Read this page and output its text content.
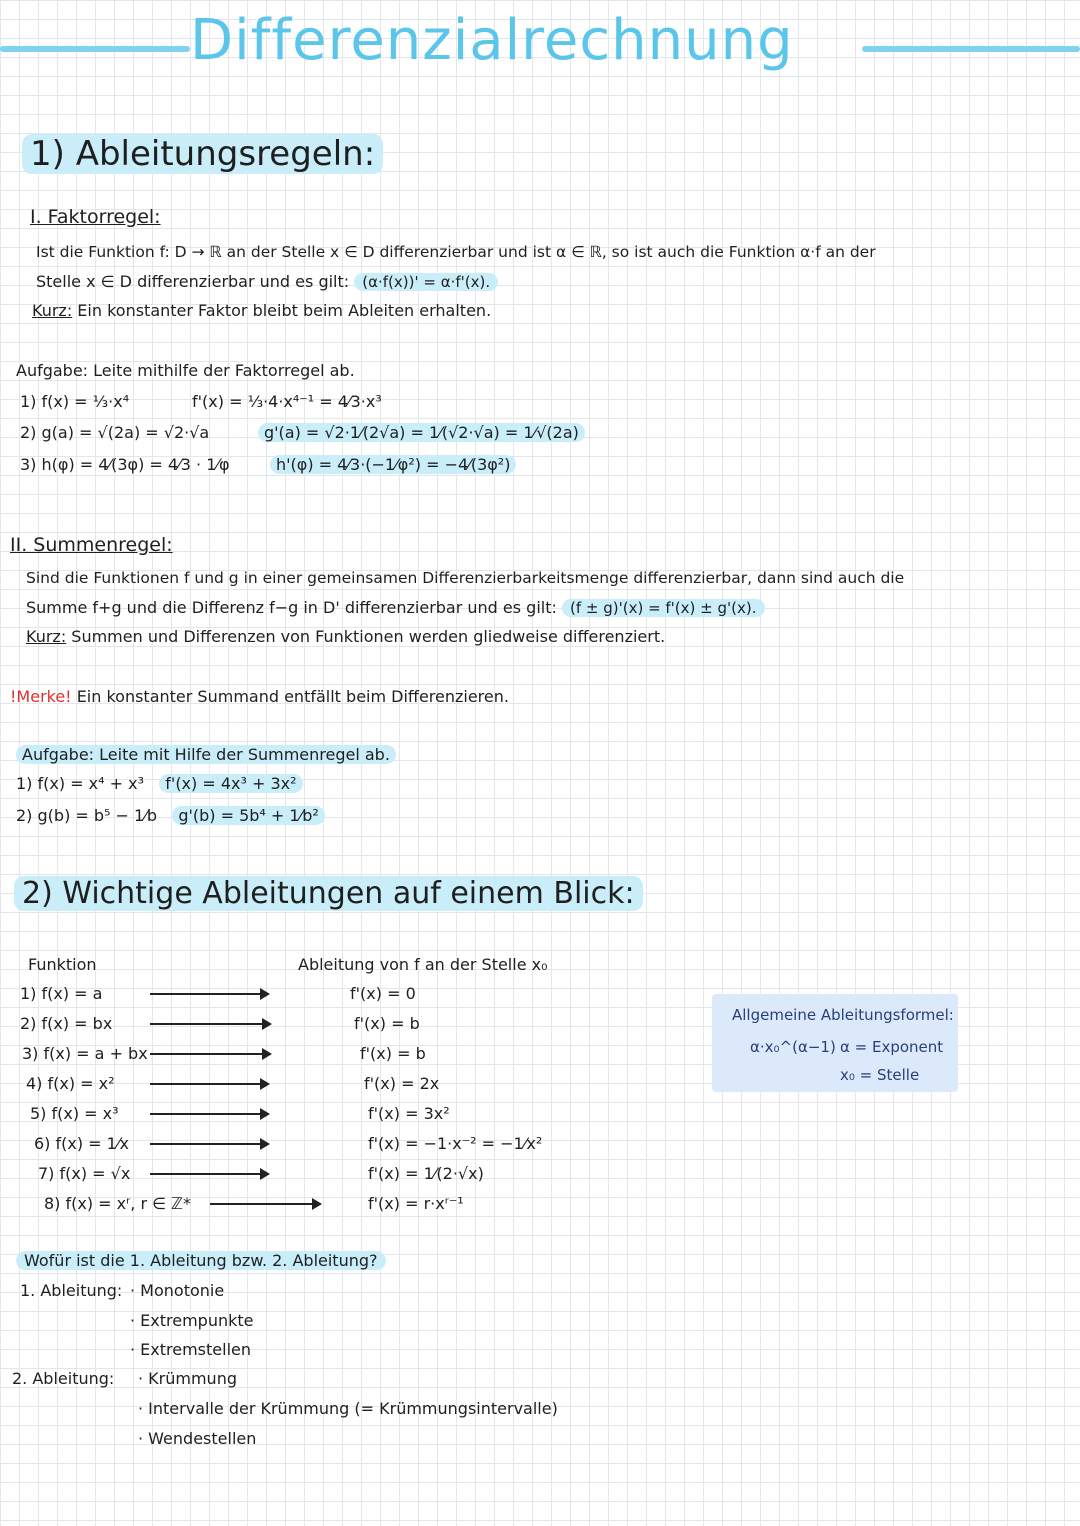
Differenzialrechnung
1) Ableitungsregeln:
I. Faktorregel:
Ist die Funktion f: D → ℝ an der Stelle x ∈ D differenzierbar und ist α ∈ ℝ, so ist auch die Funktion α·f an der
Stelle x ∈ D differenzierbar und es gilt: (α·f(x))' = α·f'(x).
Kurz: Ein konstanter Faktor bleibt beim Ableiten erhalten.
Aufgabe: Leite mithilfe der Faktorregel ab.
1) f(x) = ⅓·x⁴	f'(x) = ⅓·4·x⁴⁻¹ = 4⁄3·x³
2) g(a) = √(2a) = √2·√a	g'(a) = √2·1⁄(2√a) = 1⁄(√2·√a) = 1⁄√(2a)
3) h(φ) = 4⁄(3φ) = 4⁄3 · 1⁄φ	h'(φ) = 4⁄3·(−1⁄φ²) = −4⁄(3φ²)
II. Summenregel:
Sind die Funktionen f und g in einer gemeinsamen Differenzierbarkeitsmenge differenzierbar, dann sind auch die
Summe f+g und die Differenz f−g in D' differenzierbar und es gilt: (f ± g)'(x) = f'(x) ± g'(x).
Kurz: Summen und Differenzen von Funktionen werden gliedweise differenziert.
!Merke! Ein konstanter Summand entfällt beim Differenzieren.
Aufgabe: Leite mit Hilfe der Summenregel ab.
1) f(x) = x⁴ + x³ f'(x) = 4x³ + 3x²
2) g(b) = b⁵ − 1⁄b g'(b) = 5b⁴ + 1⁄b²
2) Wichtige Ableitungen auf einem Blick:
Funktion	Ableitung von f an der Stelle x₀
1) f(x) = a	f'(x) = 0
2) f(x) = bx	f'(x) = b
3) f(x) = a + bx	f'(x) = b
4) f(x) = x²	f'(x) = 2x
5) f(x) = x³	f'(x) = 3x²
6) f(x) = 1⁄x	f'(x) = −1·x⁻² = −1⁄x²
7) f(x) = √x	f'(x) = 1⁄(2·√x)
8) f(x) = xʳ, r ∈ ℤ*	f'(x) = r·xʳ⁻¹
Allgemeine Ableitungsformel:
α·x₀^(α−1) α = Exponent
x₀ = Stelle
Wofür ist die 1. Ableitung bzw. 2. Ableitung?
1. Ableitung: · Monotonie
· Extrempunkte
· Extremstellen
2. Ableitung: · Krümmung
· Intervalle der Krümmung (= Krümmungsintervalle)
· Wendestellen
